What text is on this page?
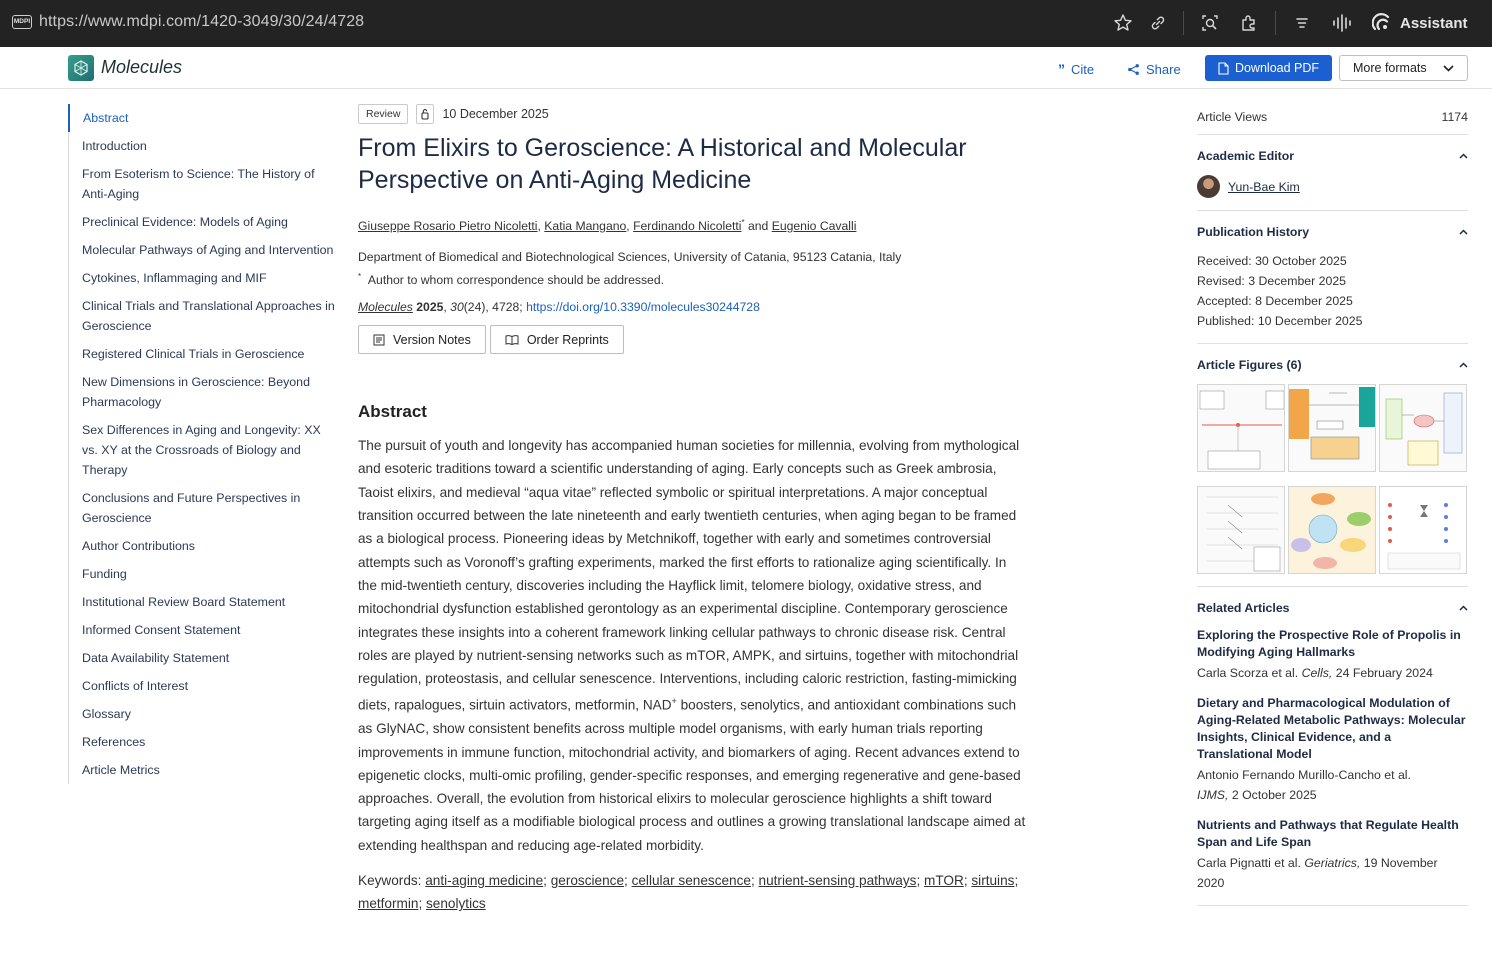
MDPI https://www.mdpi.com/1420-3049/30/24/4728	Assistant
Molecules	” Cite	Share	Download PDF	More formats
Abstract
Introduction
From Esoterism to Science: The History of Anti-Aging
Preclinical Evidence: Models of Aging
Molecular Pathways of Aging and Intervention
Cytokines, Inflammaging and MIF
Clinical Trials and Translational Approaches in Geroscience
Registered Clinical Trials in Geroscience
New Dimensions in Geroscience: Beyond Pharmacology
Sex Differences in Aging and Longevity: XX vs. XY at the Crossroads of Biology and Therapy
Conclusions and Future Perspectives in Geroscience
Author Contributions
Funding
Institutional Review Board Statement
Informed Consent Statement
Data Availability Statement
Conflicts of Interest
Glossary
References
Article Metrics
Review	10 December 2025
From Elixirs to Geroscience: A Historical and Molecular Perspective on Anti-Aging Medicine
Giuseppe Rosario Pietro Nicoletti, Katia Mangano, Ferdinando Nicoletti* and Eugenio Cavalli
Department of Biomedical and Biotechnological Sciences, University of Catania, 95123 Catania, Italy
* Author to whom correspondence should be addressed.
Molecules 2025, 30(24), 4728; https://doi.org/10.3390/molecules30244728
Version Notes	Order Reprints
Abstract

The pursuit of youth and longevity has accompanied human societies for millennia, evolving from mythological and esoteric traditions toward a scientific understanding of aging. Early concepts such as Greek ambrosia, Taoist elixirs, and medieval “aqua vitae” reflected symbolic or spiritual interpretations. A major conceptual transition occurred between the late nineteenth and early twentieth centuries, when aging began to be framed as a biological process. Pioneering ideas by Metchnikoff, together with early and sometimes controversial attempts such as Voronoff’s grafting experiments, marked the first efforts to rationalize aging scientifically. In the mid-twentieth century, discoveries including the Hayflick limit, telomere biology, oxidative stress, and mitochondrial dysfunction established gerontology as an experimental discipline. Contemporary geroscience integrates these insights into a coherent framework linking cellular pathways to chronic disease risk. Central roles are played by nutrient-sensing networks such as mTOR, AMPK, and sirtuins, together with mitochondrial regulation, proteostasis, and cellular senescence. Interventions, including caloric restriction, fasting-mimicking diets, rapalogues, sirtuin activators, metformin, NAD+ boosters, senolytics, and antioxidant combinations such as GlyNAC, show consistent benefits across multiple model organisms, with early human trials reporting improvements in immune function, mitochondrial activity, and biomarkers of aging. Recent advances extend to epigenetic clocks, multi-omic profiling, gender-specific responses, and emerging regenerative and gene-based approaches. Overall, the evolution from historical elixirs to molecular geroscience highlights a shift toward targeting aging itself as a modifiable biological process and outlines a growing translational landscape aimed at extending healthspan and reducing age-related morbidity.

Keywords: anti-aging medicine; geroscience; cellular senescence; nutrient-sensing pathways; mTOR; sirtuins; metformin; senolytics

Article Views	1174
Academic Editor
Yun-Bae Kim
Publication History
Received: 30 October 2025
Revised: 3 December 2025
Accepted: 8 December 2025
Published: 10 December 2025
Article Figures (6)
Related Articles
Exploring the Prospective Role of Propolis in Modifying Aging Hallmarks
Carla Scorza et al. Cells, 24 February 2024
Dietary and Pharmacological Modulation of Aging-Related Metabolic Pathways: Molecular Insights, Clinical Evidence, and a Translational Model
Antonio Fernando Murillo-Cancho et al.
IJMS, 2 October 2025
Nutrients and Pathways that Regulate Health Span and Life Span
Carla Pignatti et al. Geriatrics, 19 November 2020
